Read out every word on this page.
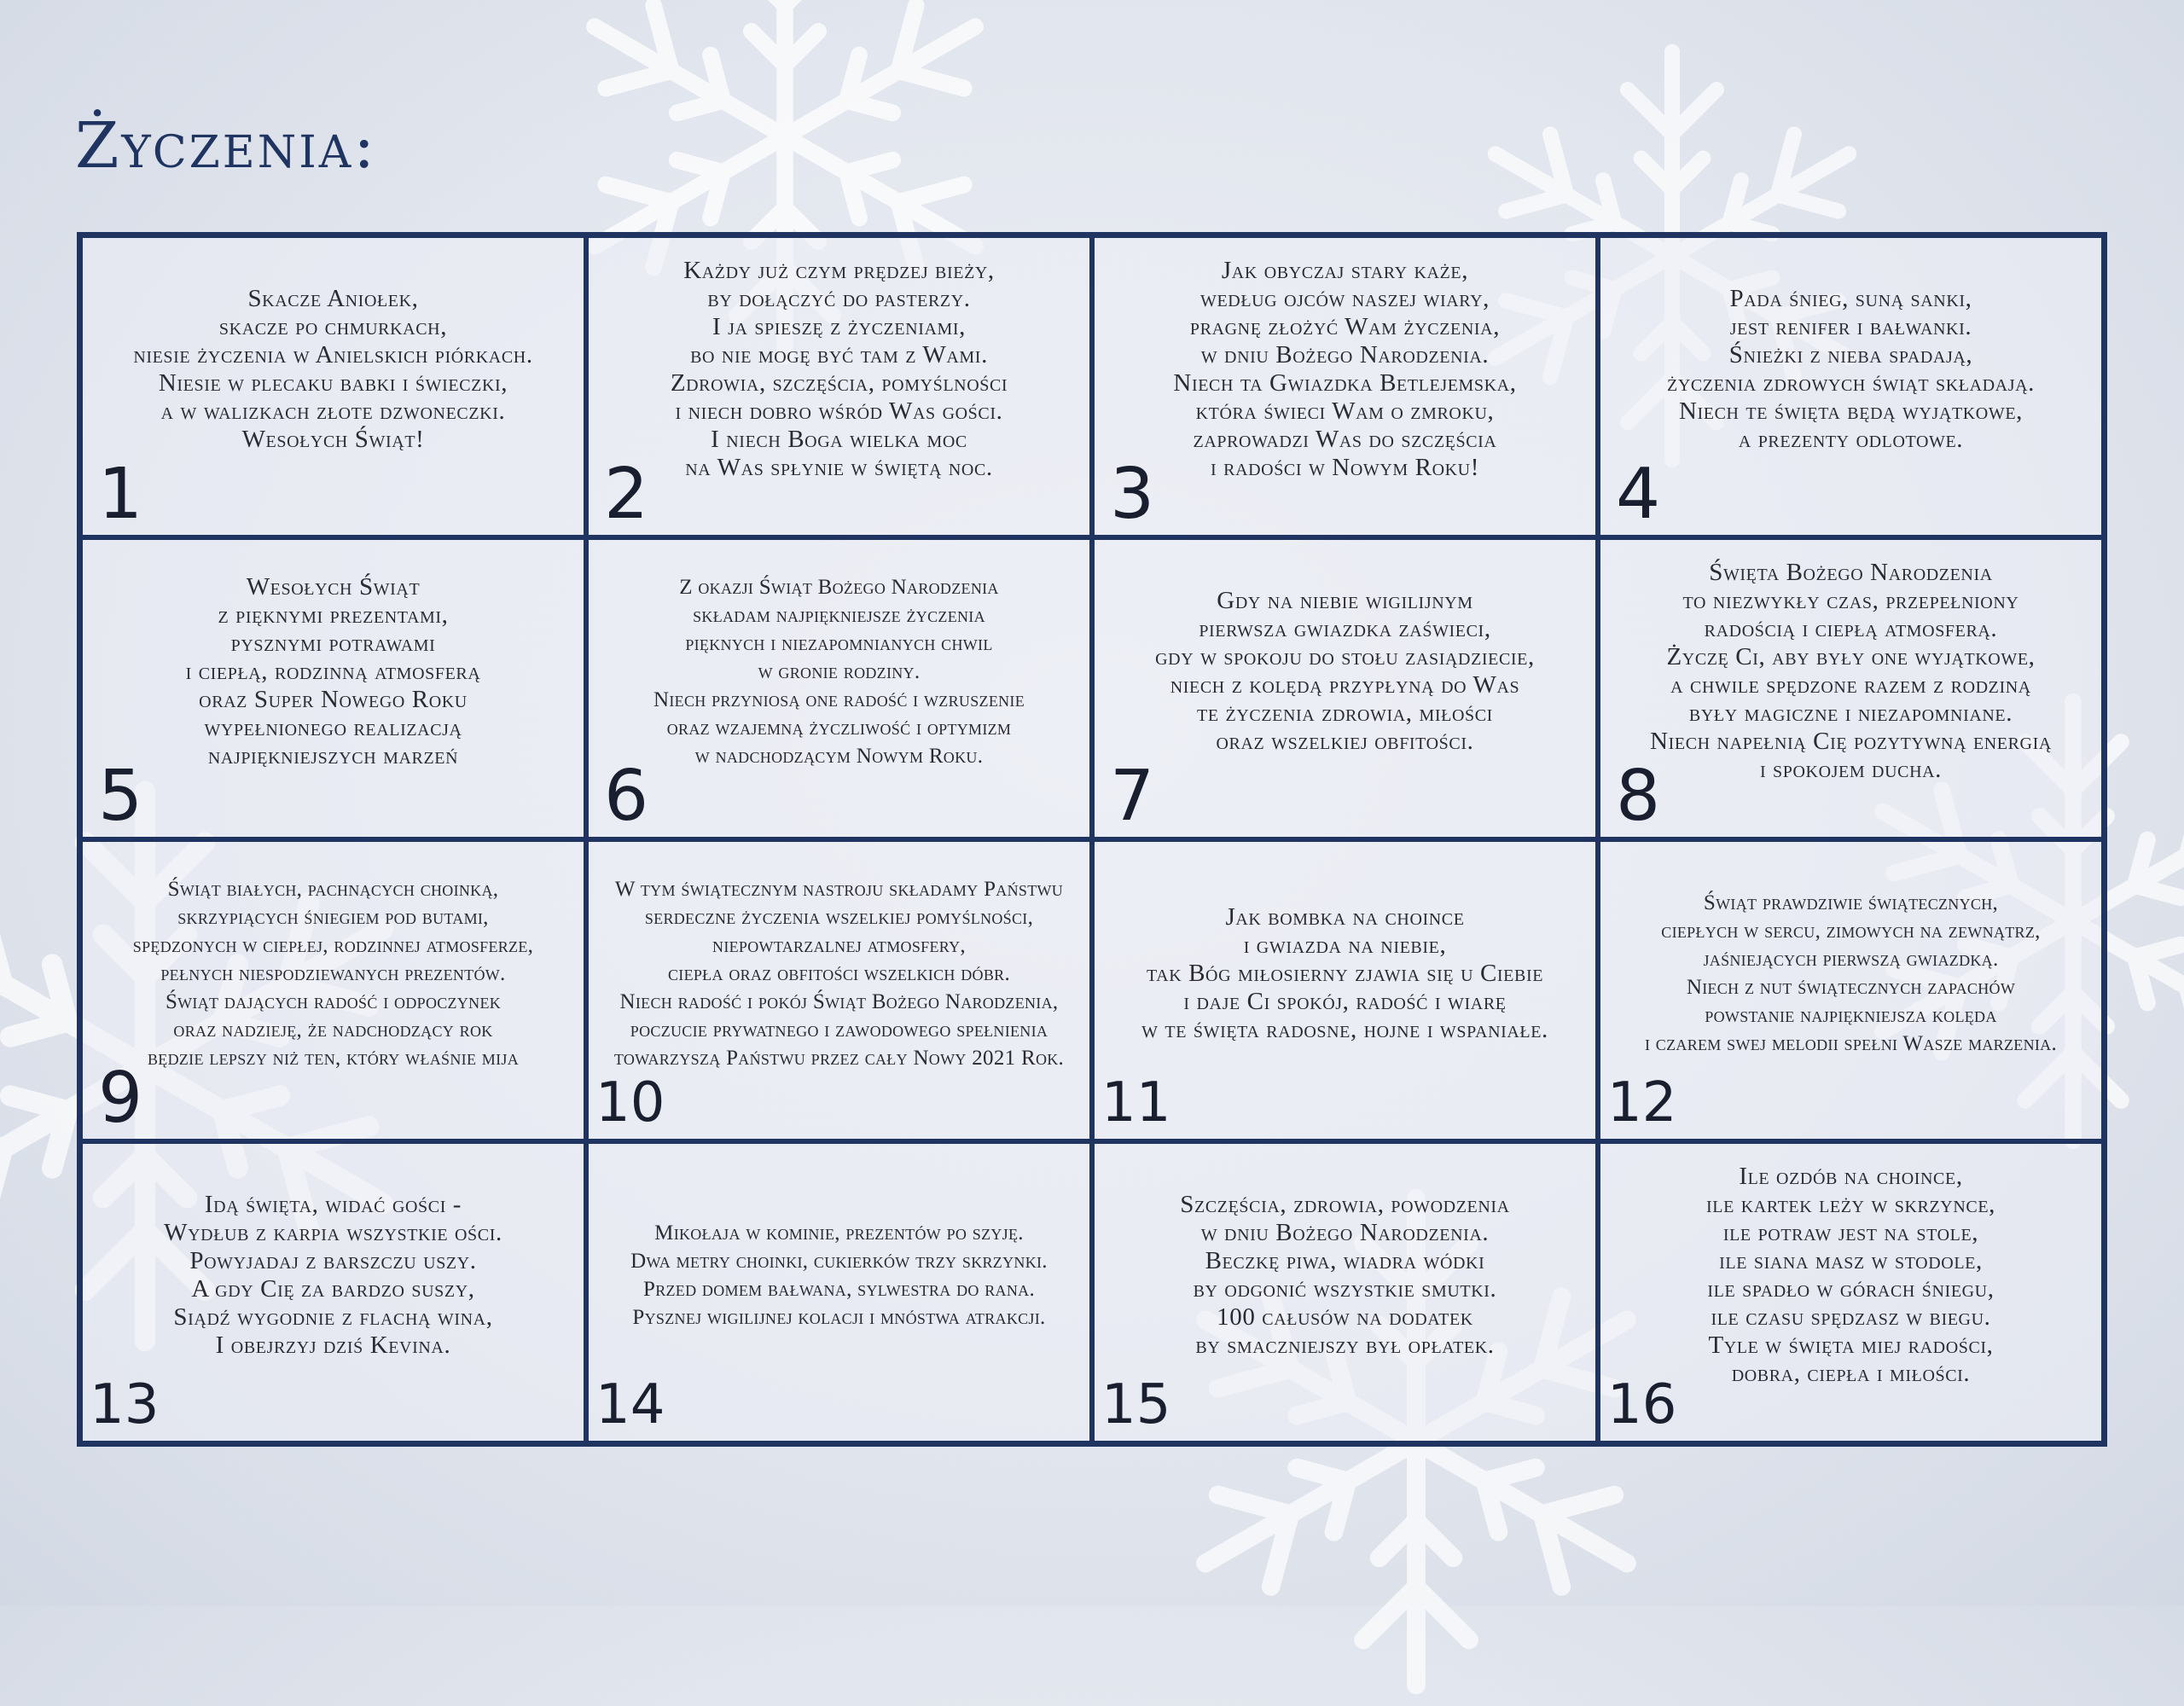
Życzenia:
Skacze Aniołek,
skacze po chmurkach,
niesie życzenia w Anielskich piórkach.
Niesie w plecaku babki i świeczki,
a w walizkach złote dzwoneczki.
Wesołych Świąt!
1
Każdy już czym prędzej bieży,
by dołączyć do pasterzy.
I ja spieszę z życzeniami,
bo nie mogę być tam z Wami.
Zdrowia, szczęścia, pomyślności
i niech dobro wśród Was gości.
I niech Boga wielka moc
na Was spłynie w świętą noc.
2
Jak obyczaj stary każe,
według ojców naszej wiary,
pragnę złożyć Wam życzenia,
w dniu Bożego Narodzenia.
Niech ta Gwiazdka Betlejemska,
która świeci Wam o zmroku,
zaprowadzi Was do szczęścia
i radości w Nowym Roku!
3
Pada śnieg, suną sanki,
jest renifer i bałwanki.
Śnieżki z nieba spadają,
życzenia zdrowych świąt składają.
Niech te święta będą wyjątkowe,
a prezenty odlotowe.
4
Wesołych Świąt
z pięknymi prezentami,
pysznymi potrawami
i ciepłą, rodzinną atmosferą
oraz Super Nowego Roku
wypełnionego realizacją
najpiękniejszych marzeń
5
Z okazji Świąt Bożego Narodzenia
składam najpiękniejsze życzenia
pięknych i niezapomnianych chwil
w gronie rodziny.
Niech przyniosą one radość i wzruszenie
oraz wzajemną życzliwość i optymizm
w nadchodzącym Nowym Roku.
6
Gdy na niebie wigilijnym
pierwsza gwiazdka zaświeci,
gdy w spokoju do stołu zasiądziecie,
niech z kolędą przypłyną do Was
te życzenia zdrowia, miłości
oraz wszelkiej obfitości.
7
Święta Bożego Narodzenia
to niezwykły czas, przepełniony
radością i ciepłą atmosferą.
Życzę Ci, aby były one wyjątkowe,
a chwile spędzone razem z rodziną
były magiczne i niezapomniane.
Niech napełnią Cię pozytywną energią
i spokojem ducha.
8
Świąt białych, pachnących choinką,
skrzypiących śniegiem pod butami,
spędzonych w ciepłej, rodzinnej atmosferze,
pełnych niespodziewanych prezentów.
Świąt dających radość i odpoczynek
oraz nadzieję, że nadchodzący rok
będzie lepszy niż ten, który właśnie mija
9
W tym świątecznym nastroju składamy Państwu
serdeczne życzenia wszelkiej pomyślności,
niepowtarzalnej atmosfery,
ciepła oraz obfitości wszelkich dóbr.
Niech radość i pokój Świąt Bożego Narodzenia,
poczucie prywatnego i zawodowego spełnienia
towarzyszą Państwu przez cały Nowy 2021 Rok.
10
Jak bombka na choince
i gwiazda na niebie,
tak Bóg miłosierny zjawia się u Ciebie
i daje Ci spokój, radość i wiarę
w te święta radosne, hojne i wspaniałe.
11
Świąt prawdziwie świątecznych,
ciepłych w sercu, zimowych na zewnątrz,
jaśniejących pierwszą gwiazdką.
Niech z nut świątecznych zapachów
powstanie najpiękniejsza kolęda
i czarem swej melodii spełni Wasze marzenia.
12
Idą święta, widać gości -
Wydłub z karpia wszystkie ości.
Powyjadaj z barszczu uszy.
A gdy Cię za bardzo suszy,
Siądź wygodnie z flachą wina,
I obejrzyj dziś Kevina.
13
Mikołaja w kominie, prezentów po szyję.
Dwa metry choinki, cukierków trzy skrzynki.
Przed domem bałwana, sylwestra do rana.
Pysznej wigilijnej kolacji i mnóstwa atrakcji.
14
Szczęścia, zdrowia, powodzenia
w dniu Bożego Narodzenia.
Beczkę piwa, wiadra wódki
by odgonić wszystkie smutki.
100 całusów na dodatek
by smaczniejszy był opłatek.
15
Ile ozdób na choince,
ile kartek leży w skrzynce,
ile potraw jest na stole,
ile siana masz w stodole,
ile spadło w górach śniegu,
ile czasu spędzasz w biegu.
Tyle w święta miej radości,
dobra, ciepła i miłości.
16
